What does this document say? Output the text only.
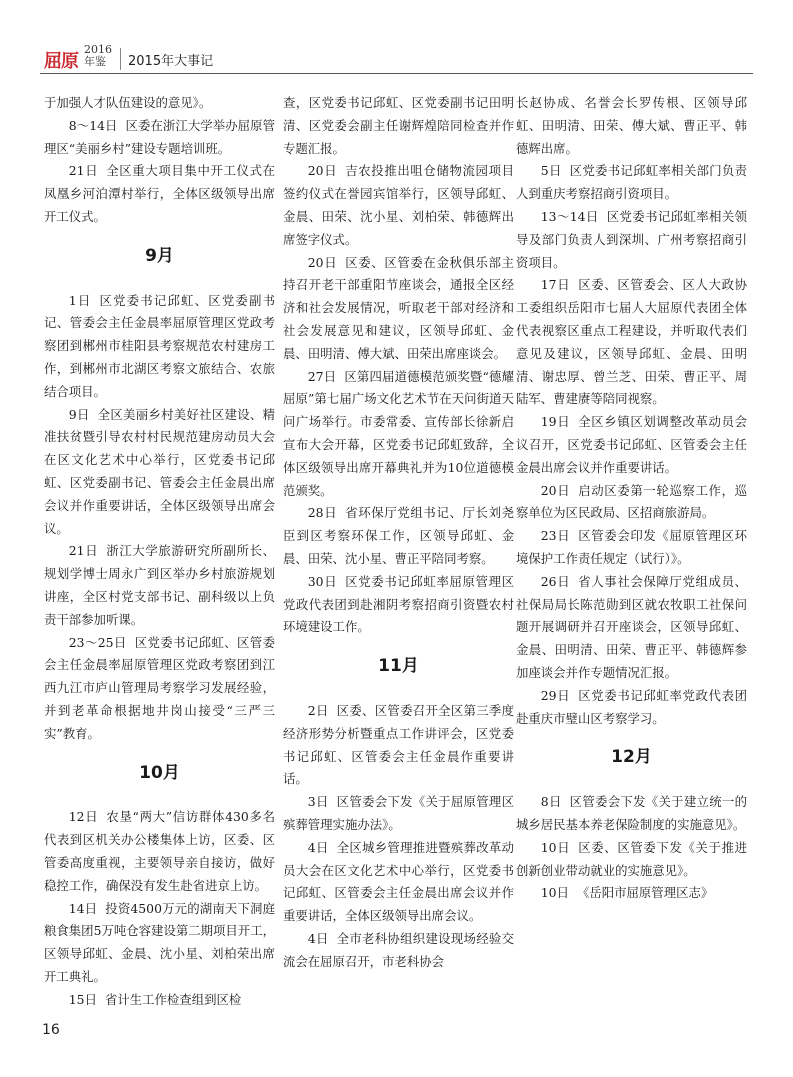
屈原
2016
年鉴	2015年大事记

于加强人才队伍建设的意见》。

8～14日 区委在浙江大学举办屈原管理区“美丽乡村”建设专题培训班。

21日 全区重大项目集中开工仪式在凤凰乡河泊潭村举行，全体区级领导出席开工仪式。

9月

1日 区党委书记邱虹、区党委副书记、管委会主任金晨率屈原管理区党政考察团到郴州市桂阳县考察规范农村建房工作，到郴州市北湖区考察文旅结合、农旅结合项目。

9日 全区美丽乡村美好社区建设、精准扶贫暨引导农村村民规范建房动员大会在区文化艺术中心举行，区党委书记邱虹、区党委副书记、管委会主任金晨出席会议并作重要讲话，全体区级领导出席会议。

21日 浙江大学旅游研究所副所长、规划学博士周永广到区举办乡村旅游规划讲座，全区村党支部书记、副科级以上负责干部参加听课。

23～25日 区党委书记邱虹、区管委会主任金晨率屈原管理区党政考察团到江西九江市庐山管理局考察学习发展经验，并到老革命根据地井岗山接受“三严三实”教育。

10月

12日 农垦“两大”信访群体430多名代表到区机关办公楼集体上访，区委、区管委高度重视，主要领导亲自接访，做好稳控工作，确保没有发生赴省进京上访。

14日 投资4500万元的湖南天下洞庭粮食集团5万吨仓容建设第二期项目开工，区领导邱虹、金晨、沈小星、刘柏荣出席开工典礼。

15日 省计生工作检查组到区检

查，区党委书记邱虹、区党委副书记田明清、区党委会副主任谢辉煌陪同检查并作专题汇报。

20日 吉农投推出咀仓储物流园项目签约仪式在誉园宾馆举行，区领导邱虹、金晨、田荣、沈小星、刘柏荣、韩德辉出席签字仪式。

20日 区委、区管委在金秋俱乐部主持召开老干部重阳节座谈会，通报全区经济和社会发展情况，听取老干部对经济和社会发展意见和建议，区领导邱虹、金晨、田明清、傅大斌、田荣出席座谈会。

27日 区第四届道德模范颁奖暨“德耀屈原”第七届广场文化艺术节在天问街道天问广场举行。市委常委、宣传部长徐新启宣布大会开幕，区党委书记邱虹致辞，全体区级领导出席开幕典礼并为10位道德模范颁奖。

28日 省环保厅党组书记、厅长刘尧臣到区考察环保工作，区领导邱虹、金晨、田荣、沈小星、曹正平陪同考察。

30日 区党委书记邱虹率屈原管理区党政代表团到赴湘阴考察招商引资暨农村环境建设工作。

11月

2日 区委、区管委召开全区第三季度经济形势分析暨重点工作讲评会，区党委书记邱虹、区管委会主任金晨作重要讲话。

3日 区管委会下发《关于屈原管理区殡葬管理实施办法》。

4日 全区城乡管理推进暨殡葬改革动员大会在区文化艺术中心举行，区党委书记邱虹、区管委会主任金晨出席会议并作重要讲话，全体区级领导出席会议。

4日 全市老科协组织建设现场经验交流会在屈原召开，市老科协会

长赵协成、名誉会长罗传根、区领导邱虹、田明清、田荣、傅大斌、曹正平、韩德辉出席。

5日 区党委书记邱虹率相关部门负责人到重庆考察招商引资项目。

13～14日 区党委书记邱虹率相关领导及部门负责人到深圳、广州考察招商引资项目。

17日 区委、区管委会、区人大政协工委组织岳阳市七届人大屈原代表团全体代表视察区重点工程建设，并听取代表们意见及建议，区领导邱虹、金晨、田明清、谢忠厚、曾兰芝、田荣、曹正平、周陆军、曹建赓等陪同视察。

19日 全区乡镇区划调整改革动员会议召开，区党委书记邱虹、区管委会主任金晨出席会议并作重要讲话。

20日 启动区委第一轮巡察工作，巡察单位为区民政局、区招商旅游局。

23日 区管委会印发《屈原管理区环境保护工作责任规定（试行）》。

26日 省人事社会保障厅党组成员、社保局局长陈范勋到区就农牧职工社保问题开展调研并召开座谈会，区领导邱虹、金晨、田明清、田荣、曹正平、韩德辉参加座谈会并作专题情况汇报。

29日 区党委书记邱虹率党政代表团赴重庆市璧山区考察学习。

12月

8日 区管委会下发《关于建立统一的城乡居民基本养老保险制度的实施意见》。

10日 区委、区管委下发《关于推进创新创业带动就业的实施意见》。

10日 《岳阳市屈原管理区志》

16
